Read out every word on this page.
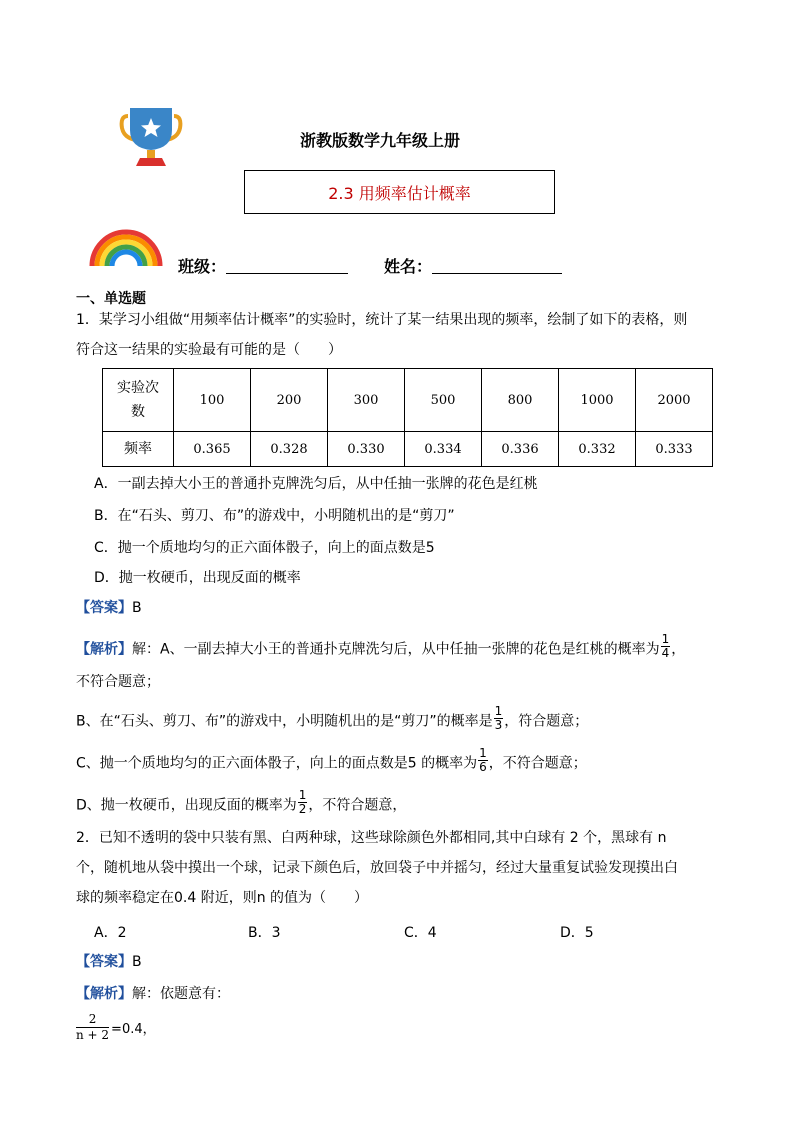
浙教版数学九年级上册
2.3 用频率估计概率
班级：	姓名：
一、单选题
1．某学习小组做“用频率估计概率”的实验时，统计了某一结果出现的频率，绘制了如下的表格，则
符合这一结果的实验最有可能的是（　　）
实验次
数	100	200	300	500	800	1000	2000
频率	0.365	0.328	0.330	0.334	0.336	0.332	0.333
A．一副去掉大小王的普通扑克牌洗匀后，从中任抽一张牌的花色是红桃
B．在“石头、剪刀、布”的游戏中，小明随机出的是“剪刀”
C．抛一个质地均匀的正六面体骰子，向上的面点数是5
D．抛一枚硬币，出现反面的概率
【答案】B
【解析】解：A、一副去掉大小王的普通扑克牌洗匀后，从中任抽一张牌的花色是红桃的概率为 $\frac{1}{4}$ ，
不符合题意；
B、在“石头、剪刀、布”的游戏中，小明随机出的是“剪刀”的概率是 $\frac{1}{3}$ ，符合题意；
C、抛一个质地均匀的正六面体骰子，向上的面点数是5 的概率为 $\frac{1}{6}$ ，不符合题意；
D、抛一枚硬币，出现反面的概率为 $\frac{1}{2}$ ，不符合题意，
2．已知不透明的袋中只装有黑、白两种球，这些球除颜色外都相同,其中白球有 2 个，黑球有 n
个，随机地从袋中摸出一个球，记录下颜色后，放回袋子中并摇匀，经过大量重复试验发现摸出白
球的频率稳定在0.4 附近，则n 的值为（　　）
A．2	B．3	C．4	D．5
【答案】B
【解析】解：依题意有：
$\frac{2}{n + 2} =0.4$，
